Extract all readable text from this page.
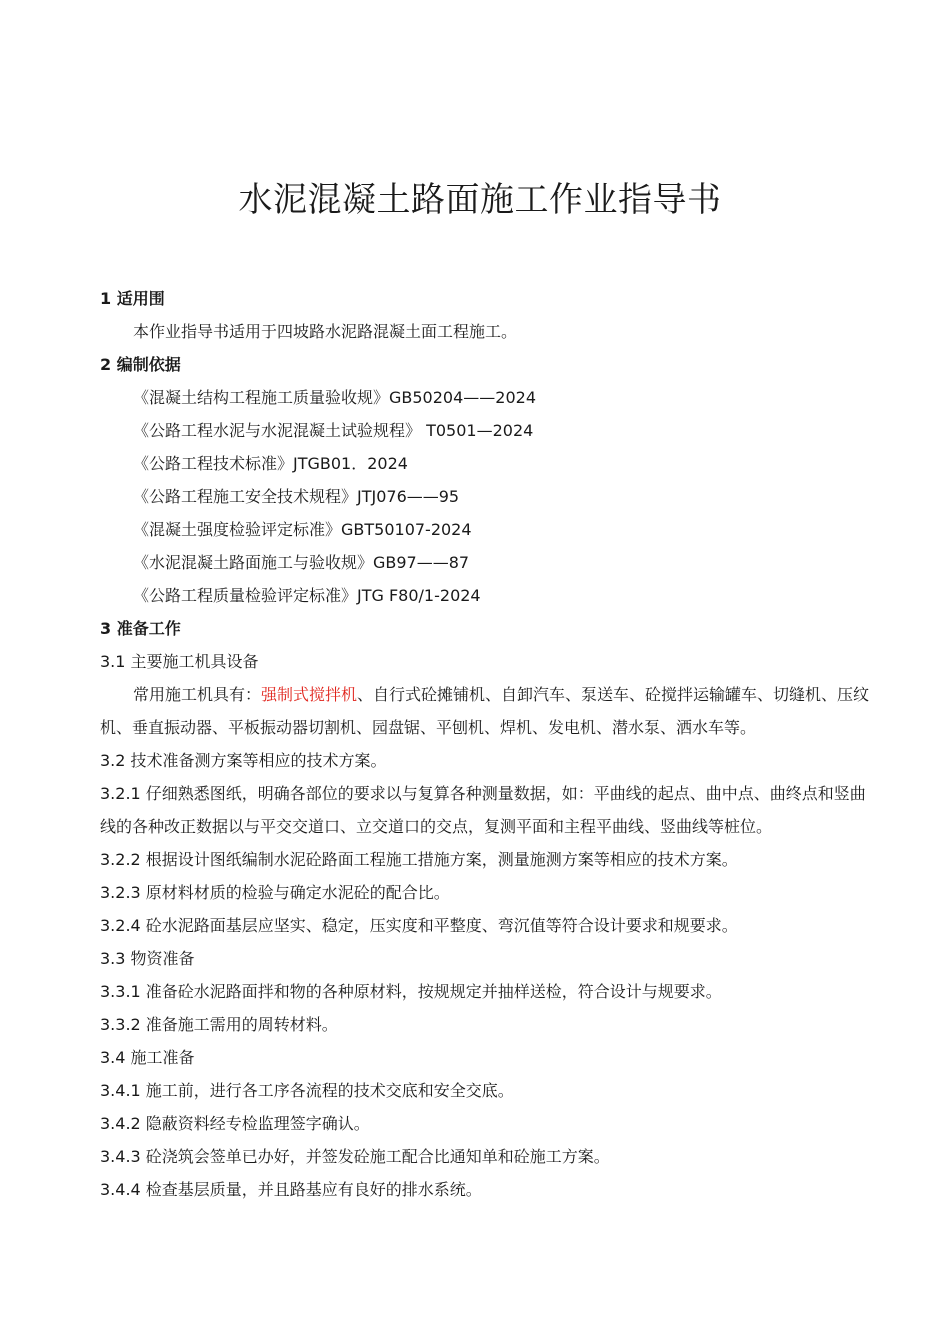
水泥混凝土路面施工作业指导书

1 适用围

本作业指导书适用于四坡路水泥路混凝土面工程施工。

2 编制依据

《混凝土结构工程施工质量验收规》GB50204——2024

《公路工程水泥与水泥混凝土试验规程》 T0501—2024

《公路工程技术标准》JTGB01．2024

《公路工程施工安全技术规程》JTJ076——95

《混凝土强度检验评定标准》GBT50107-2024

《水泥混凝土路面施工与验收规》GB97——87

《公路工程质量检验评定标准》JTG F80/1-2024

3 准备工作

3.1 主要施工机具设备

常用施工机具有：强制式搅拌机、自行式砼摊铺机、自卸汽车、泵送车、砼搅拌运输罐车、切缝机、压纹机、垂直振动器、平板振动器切割机、园盘锯、平刨机、焊机、发电机、潜水泵、洒水车等。

3.2 技术准备测方案等相应的技术方案。

3.2.1 仔细熟悉图纸，明确各部位的要求以与复算各种测量数据，如：平曲线的起点、曲中点、曲终点和竖曲线的各种改正数据以与平交交道口、立交道口的交点，复测平面和主程平曲线、竖曲线等桩位。

3.2.2 根据设计图纸编制水泥砼路面工程施工措施方案，测量施测方案等相应的技术方案。

3.2.3 原材料材质的检验与确定水泥砼的配合比。

3.2.4 砼水泥路面基层应坚实、稳定，压实度和平整度、弯沉值等符合设计要求和规要求。

3.3 物资准备

3.3.1 准备砼水泥路面拌和物的各种原材料，按规规定并抽样送检，符合设计与规要求。

3.3.2 准备施工需用的周转材料。

3.4 施工准备

3.4.1 施工前，进行各工序各流程的技术交底和安全交底。

3.4.2 隐蔽资料经专检监理签字确认。

3.4.3 砼浇筑会签单已办好，并签发砼施工配合比通知单和砼施工方案。

3.4.4 检查基层质量，并且路基应有良好的排水系统。
